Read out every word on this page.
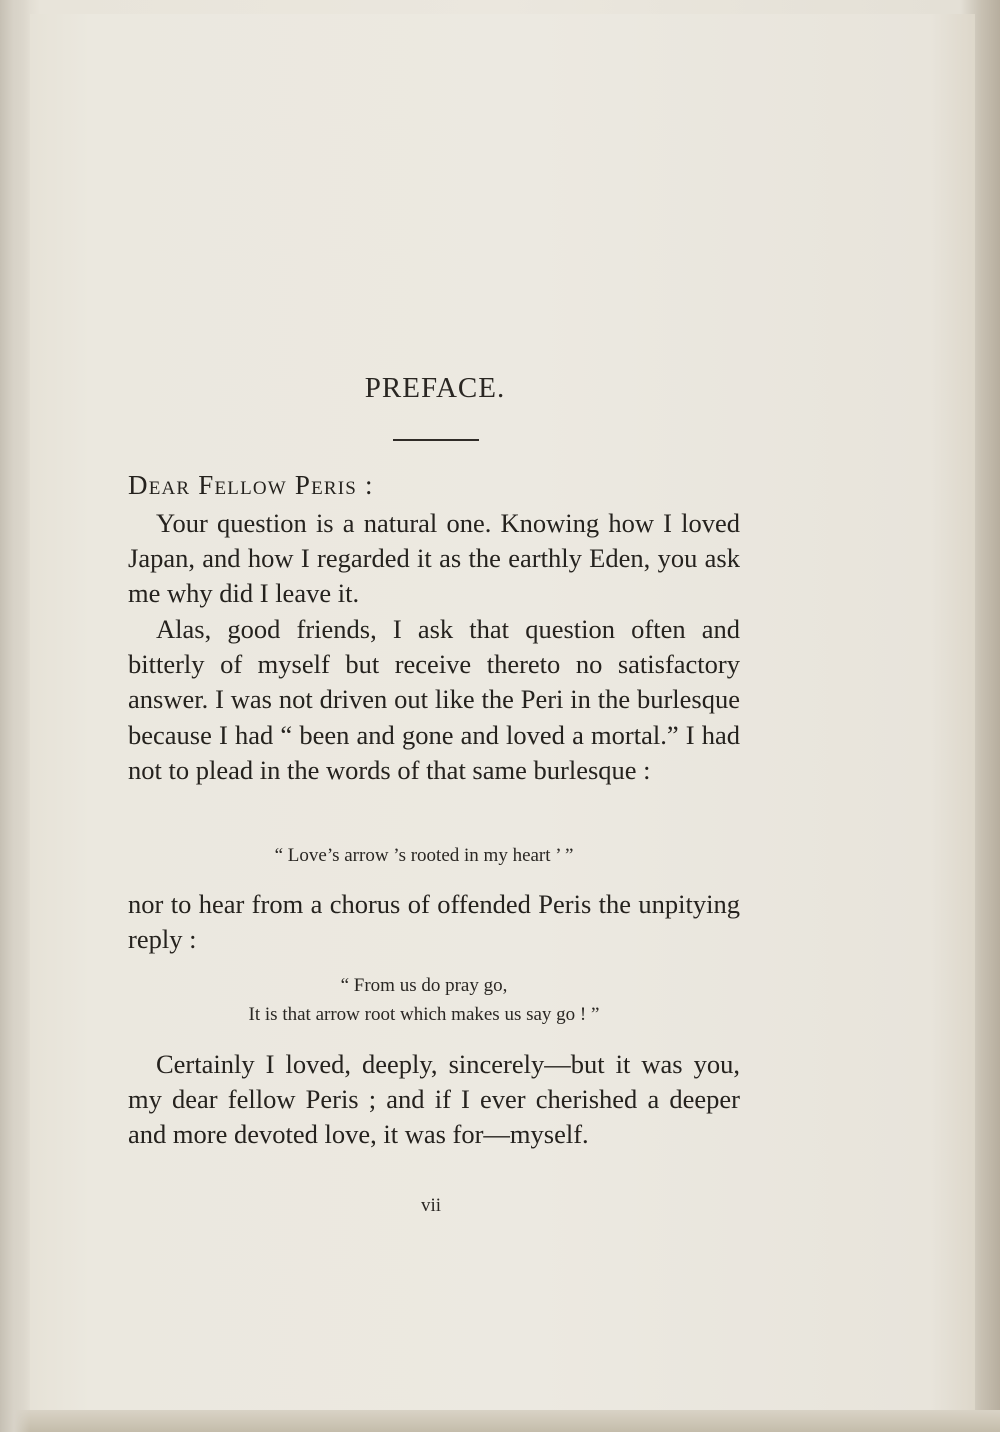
PREFACE.
Dear Fellow Peris :
Your question is a natural one. Knowing how I loved Japan, and how I regarded it as the earthly Eden, you ask me why did I leave it.
Alas, good friends, I ask that question often and bitterly of myself but receive thereto no satisfactory answer. I was not driven out like the Peri in the burlesque because I had “ been and gone and loved a mortal.” I had not to plead in the words of that same burlesque :
“ Love’s arrow ’s rooted in my heart ’ ”
nor to hear from a chorus of offended Peris the unpitying reply :
“ From us do pray go,
It is that arrow root which makes us say go ! ”
Certainly I loved, deeply, sincerely—but it was you, my dear fellow Peris ; and if I ever cherished a deeper and more devoted love, it was for—myself.
vii
